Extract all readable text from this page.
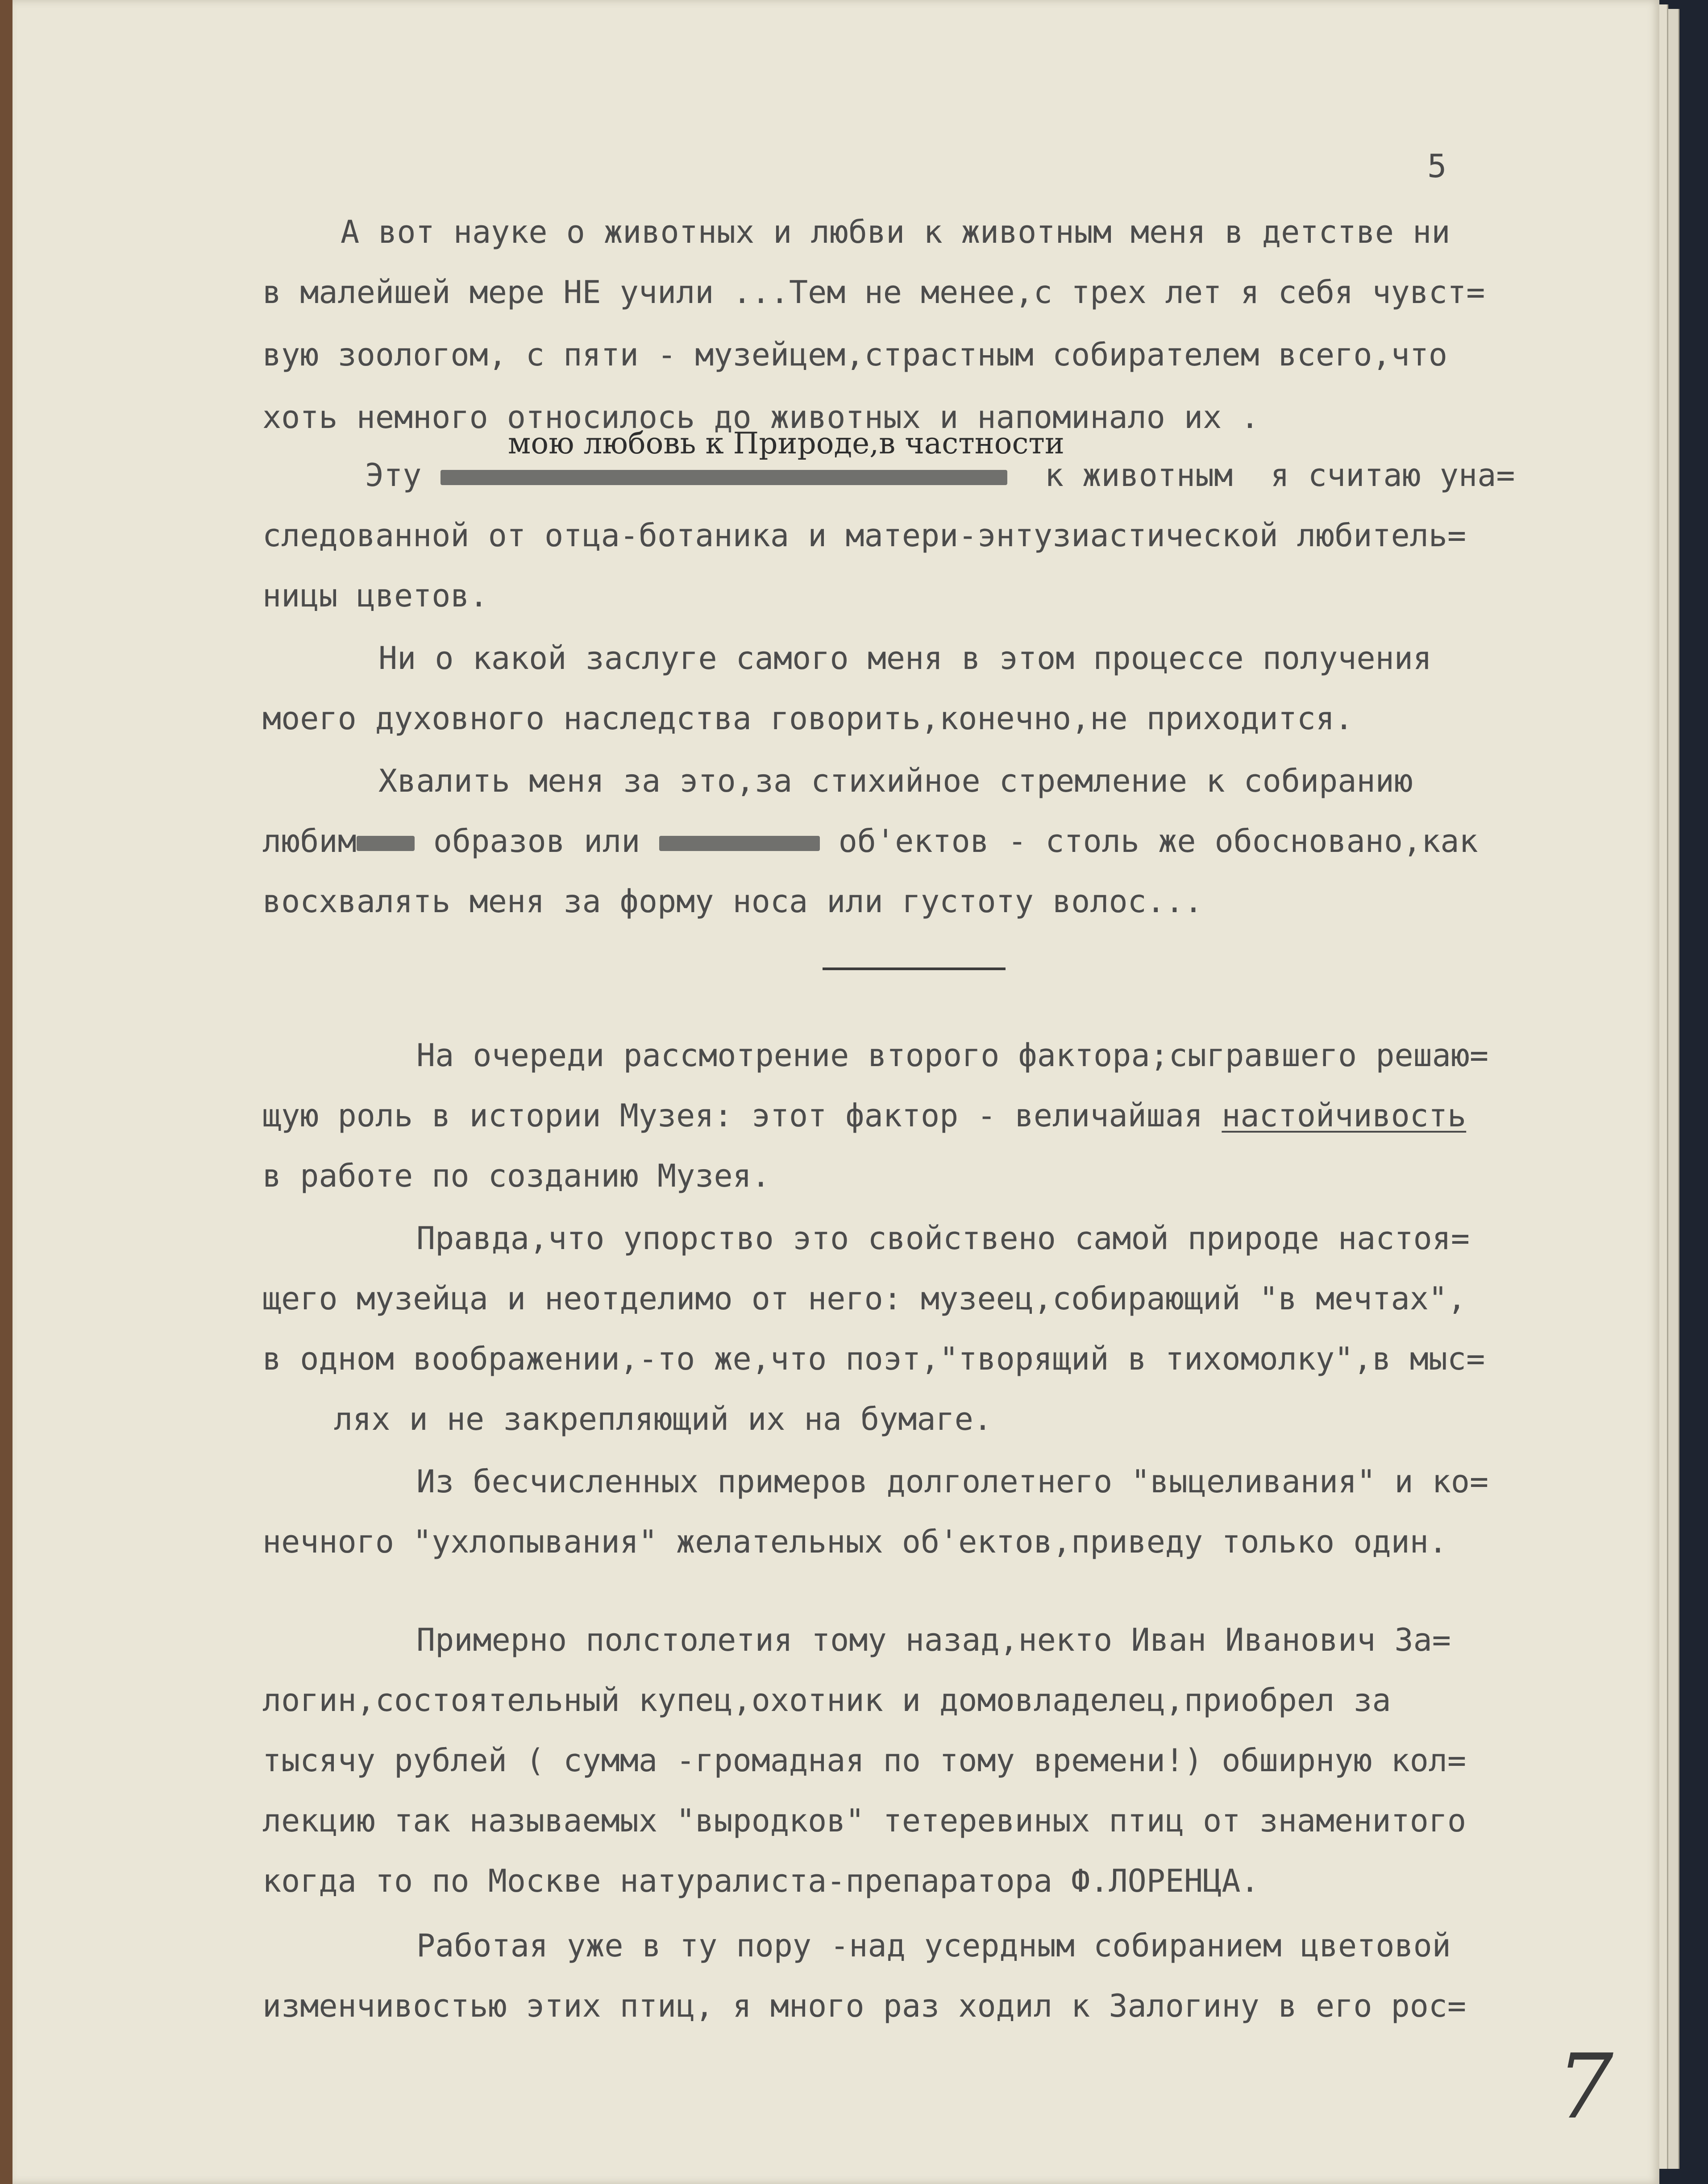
5

А вот науке о животных и любви к животным меня в детстве ни

в малейшей мере НЕ учили ...Тем не менее,с трех лет я себя чувст=

вую зоологом, с пяти - музейцем,страстным собирателем всего,что

хоть немного относилось до животных и напоминало их .

мою любовь к Природе,в частности

Эту	к животным  я считаю уна=

следованной от отца-ботаника и матери-энтузиастической любитель=

ницы цветов.

Ни о какой заслуге самого меня в этом процессе получения

моего духовного наследства говорить,конечно,не приходится.

Хвалить меня за это,за стихийное стремление к собиранию

любим образов или	об'ектов - столь же обосновано,как

восхвалять меня за форму носа или густоту волос...

На очереди рассмотрение второго фактора;сыгравшего решаю=

щую роль в истории Музея: этот фактор - величайшая настойчивость

в работе по созданию Музея.

Правда,что упорство это свойствено самой природе настоя=

щего музейца и неотделимо от него: музеец,собирающий "в мечтах",

в одном воображении,-то же,что поэт,"творящий в тихомолку",в мыс=

лях и не закрепляющий их на бумаге.

Из бесчисленных примеров долголетнего "выцеливания" и ко=

нечного "ухлопывания" желательных об'ектов,приведу только один.

Примерно полстолетия тому назад,некто Иван Иванович За=

логин,состоятельный купец,охотник и домовладелец,приобрел за

тысячу рублей ( сумма -громадная по тому времени!) обширную кол=

лекцию так называемых "выродков" тетеревиных птиц от знаменитого

когда то по Москве натуралиста-препаратора Ф.ЛОРЕНЦА.

Работая уже в ту пору -над усердным собиранием цветовой

изменчивостью этих птиц, я много раз ходил к Залогину в его рос=

7
